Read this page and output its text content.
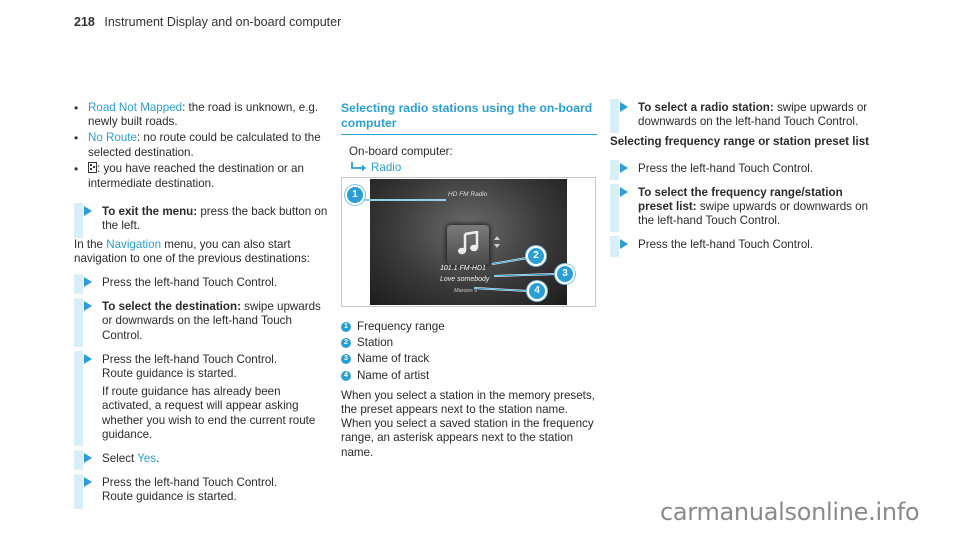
218 Instrument Display and on-board computer
• Road Not Mapped: the road is unknown, e.g. newly built roads.
• No Route: no route could be calculated to the selected destination.
• : you have reached the destination or an intermediate destination.
To exit the menu: press the back button on the left.
In the Navigation menu, you can also start navigation to one of the previous destinations:
Press the left-hand Touch Control.
To select the destination: swipe upwards or downwards on the left-hand Touch Control.
Press the left-hand Touch Control.
Route guidance is started.
If route guidance has already been activated, a request will appear asking whether you wish to end the current route guidance.
Select Yes.
Press the left-hand Touch Control.
Route guidance is started.
Selecting radio stations using the on-board computer
On-board computer:
Radio
HD FM Radio
101.1 FM-HD1
Love somebody
Maroon 5
1
2
3
4
1 Frequency range
2 Station
3 Name of track
4 Name of artist
When you select a station in the memory presets, the preset appears next to the station name. When you select a saved station in the frequency range, an asterisk appears next to the station name.
To select a radio station: swipe upwards or downwards on the left-hand Touch Control.
Selecting frequency range or station preset list
Press the left-hand Touch Control.
To select the frequency range/station preset list: swipe upwards or downwards on the left-hand Touch Control.
Press the left-hand Touch Control.
carmanualsonline.info
